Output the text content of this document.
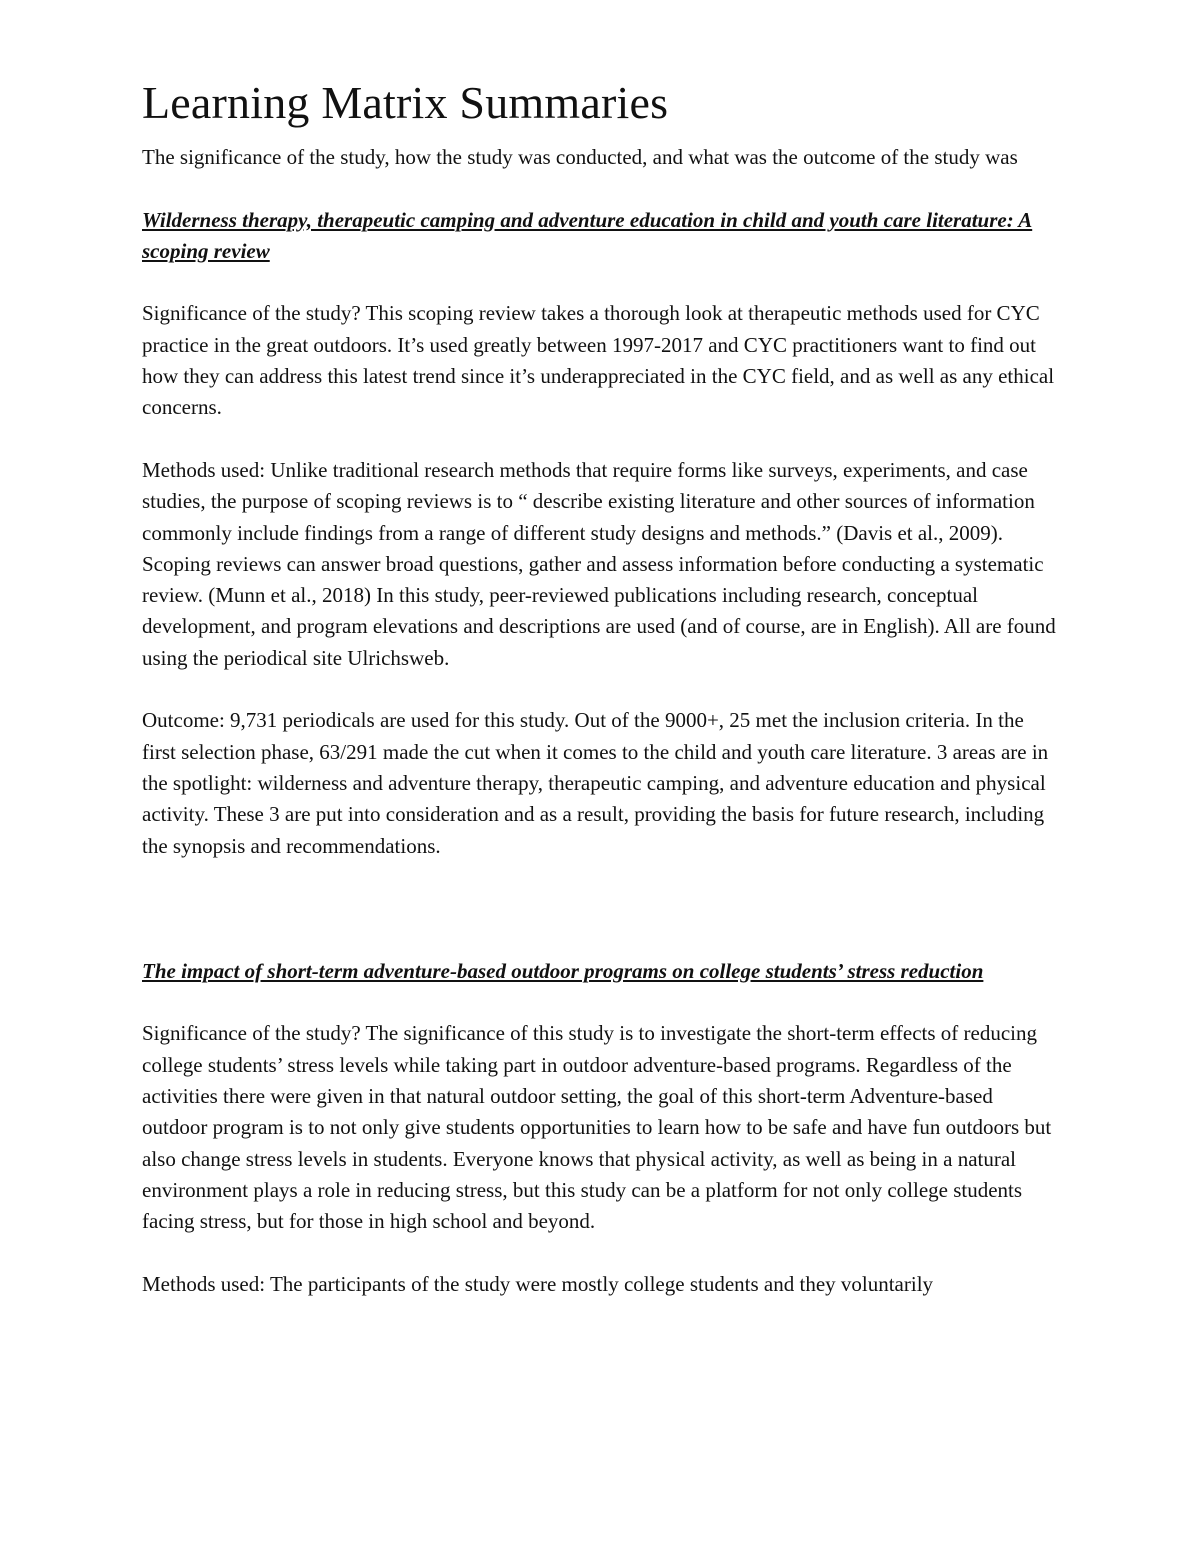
Learning Matrix Summaries

The significance of the study, how the study was conducted, and what was the outcome of the study was

Wilderness therapy, therapeutic camping and adventure education in child and youth care literature: A scoping review

Significance of the study? This scoping review takes a thorough look at therapeutic methods used for CYC practice in the great outdoors. It’s used greatly between 1997-2017 and CYC practitioners want to find out how they can address this latest trend since it’s underappreciated in the CYC field, and as well as any ethical concerns.

Methods used: Unlike traditional research methods that require forms like surveys, experiments, and case studies, the purpose of scoping reviews is to “ describe existing literature and other sources of information commonly include findings from a range of different study designs and methods.” (Davis et al., 2009). Scoping reviews can answer broad questions, gather and assess information before conducting a systematic review. (Munn et al., 2018) In this study, peer-reviewed publications including research, conceptual development, and program elevations and descriptions are used (and of course, are in English). All are found using the periodical site Ulrichsweb.

Outcome: 9,731 periodicals are used for this study. Out of the 9000+, 25 met the inclusion criteria. In the first selection phase, 63/291 made the cut when it comes to the child and youth care literature. 3 areas are in the spotlight: wilderness and adventure therapy, therapeutic camping, and adventure education and physical activity. These 3 are put into consideration and as a result, providing the basis for future research, including the synopsis and recommendations.

The impact of short-term adventure-based outdoor programs on college students’ stress reduction

Significance of the study? The significance of this study is to investigate the short-term effects of reducing college students’ stress levels while taking part in outdoor adventure-based programs. Regardless of the activities there were given in that natural outdoor setting, the goal of this short-term Adventure-based outdoor program is to not only give students opportunities to learn how to be safe and have fun outdoors but also change stress levels in students. Everyone knows that physical activity, as well as being in a natural environment plays a role in reducing stress, but this study can be a platform for not only college students facing stress, but for those in high school and beyond.

Methods used: The participants of the study were mostly college students and they voluntarily
